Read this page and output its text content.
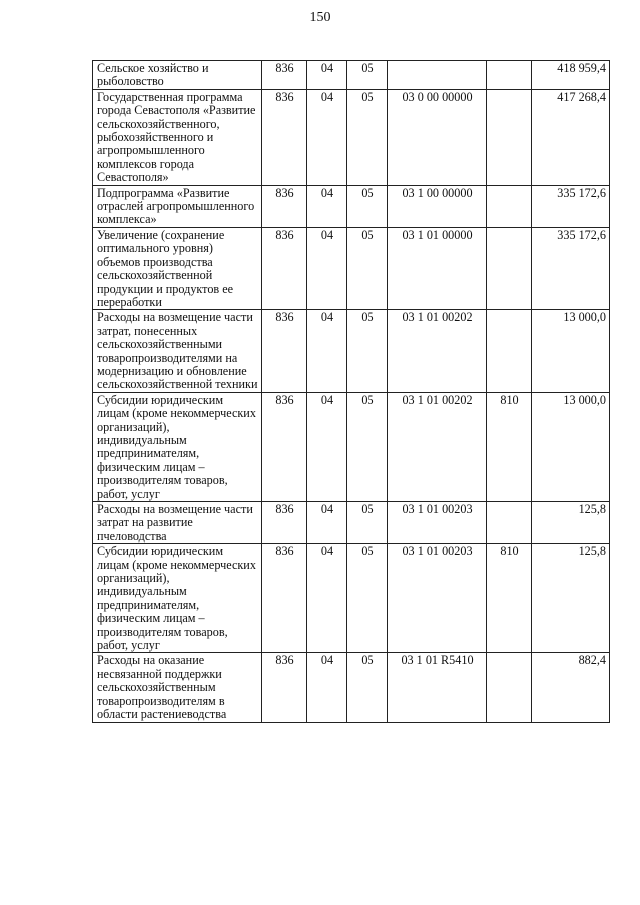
150
Сельское хозяйство и рыболовство	836	04	05			418 959,4
Государственная программа города Севастополя «Развитие сельскохозяйственного, рыбохозяйственного и агропромышленного комплексов города Севастополя»	836	04	05	03 0 00 00000		417 268,4
Подпрограмма «Развитие отраслей агропромышленного комплекса»	836	04	05	03 1 00 00000		335 172,6
Увеличение (сохранение оптимального уровня) объемов производства сельскохозяйственной продукции и продуктов ее переработки	836	04	05	03 1 01 00000		335 172,6
Расходы на возмещение части затрат, понесенных сельскохозяйственными товаропроизводителями на модернизацию и обновление сельскохозяйственной техники	836	04	05	03 1 01 00202		13 000,0
Субсидии юридическим лицам (кроме некоммерческих организаций), индивидуальным предпринимателям, физическим лицам – производителям товаров, работ, услуг	836	04	05	03 1 01 00202	810	13 000,0
Расходы на возмещение части затрат на развитие пчеловодства	836	04	05	03 1 01 00203		125,8
Субсидии юридическим лицам (кроме некоммерческих организаций), индивидуальным предпринимателям, физическим лицам – производителям товаров, работ, услуг	836	04	05	03 1 01 00203	810	125,8
Расходы на оказание несвязанной поддержки сельскохозяйственным товаропроизводителям в области растениеводства	836	04	05	03 1 01 R5410		882,4
